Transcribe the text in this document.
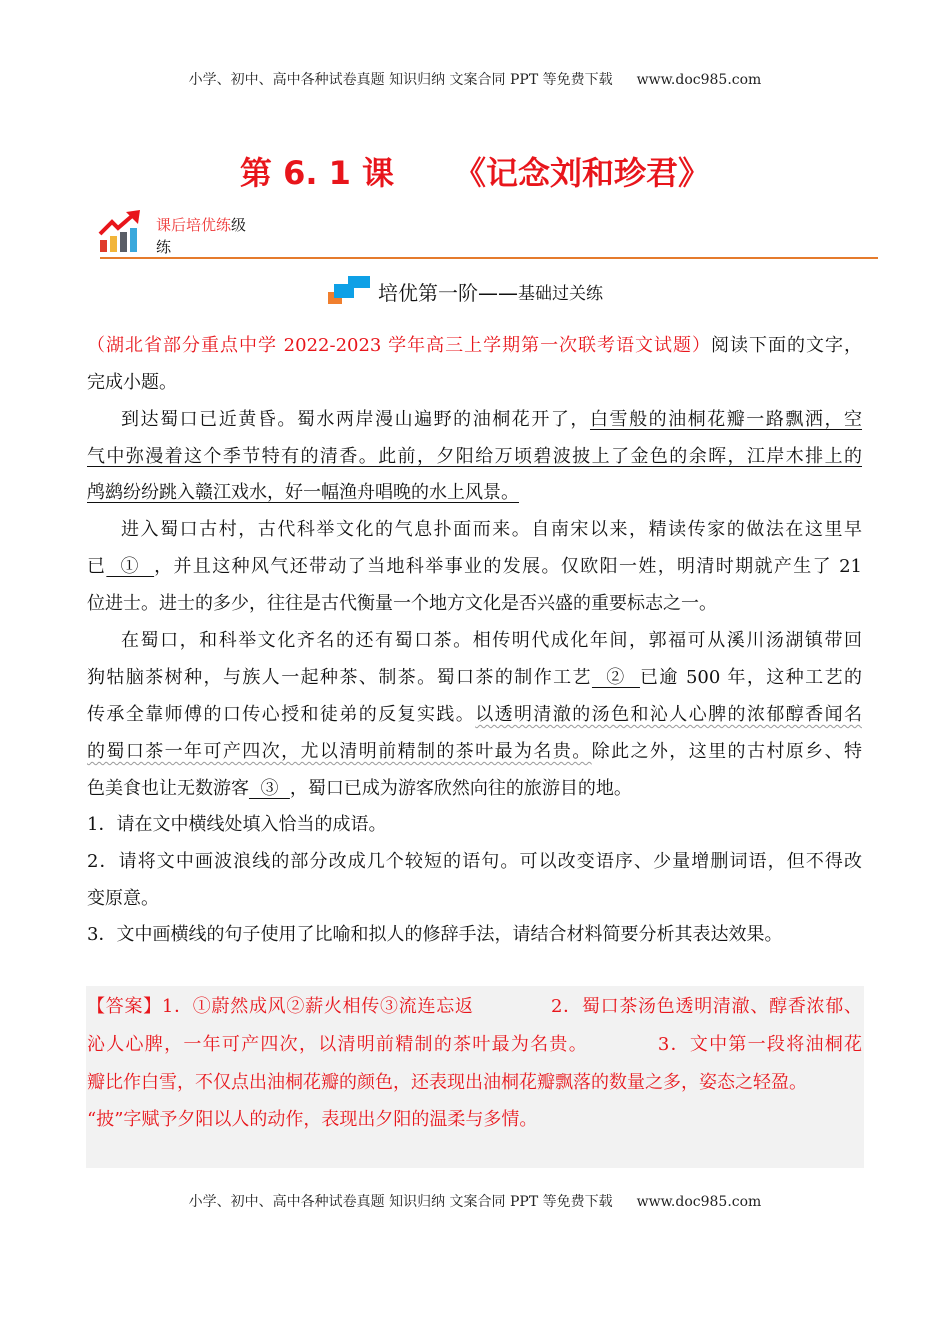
小学、初中、高中各种试卷真题 知识归纳 文案合同 PPT 等免费下载 www.doc985.com
第 6. 1 课 《记念刘和珍君》
课后培优练级
练
培优第一阶—— 基础过关练
（湖北省部分重点中学 2022-2023 学年高三上学期第一次联考语文试题）阅读下面的文字，
完成小题。
到达蜀口已近黄昏。蜀水两岸漫山遍野的油桐花开了，白雪般的油桐花瓣一路飘洒，空
气中弥漫着这个季节特有的清香。此前，夕阳给万顷碧波披上了金色的余晖，江岸木排上的
鸬鹚纷纷跳入赣江戏水，好一幅渔舟唱晚的水上风景。
进入蜀口古村，古代科举文化的气息扑面而来。自南宋以来，精读传家的做法在这里早
已  ①  ，并且这种风气还带动了当地科举事业的发展。仅欧阳一姓，明清时期就产生了 21
位进士。进士的多少，往往是古代衡量一个地方文化是否兴盛的重要标志之一。
在蜀口，和科举文化齐名的还有蜀口茶。相传明代成化年间，郭福可从溪川汤湖镇带回
狗牯脑茶树种，与族人一起种茶、制茶。蜀口茶的制作工艺  ②  已逾 500 年，这种工艺的
传承全靠师傅的口传心授和徒弟的反复实践。以透明清澈的汤色和沁人心脾的浓郁醇香闻名
的蜀口茶一年可产四次，尤以清明前精制的茶叶最为名贵。除此之外，这里的古村原乡、特
色美食也让无数游客  ③  ，蜀口已成为游客欣然向往的旅游目的地。
1．请在文中横线处填入恰当的成语。
2．请将文中画波浪线的部分改成几个较短的语句。可以改变语序、少量增删词语，但不得改
变原意。
3．文中画横线的句子使用了比喻和拟人的修辞手法，请结合材料简要分析其表达效果。
【答案】1．①蔚然成风②薪火相传③流连忘返            2．蜀口茶汤色透明清澈、醇香浓郁、
沁人心脾，一年可产四次，以清明前精制的茶叶最为名贵。          3．文中第一段将油桐花
瓣比作白雪，不仅点出油桐花瓣的颜色，还表现出油桐花瓣飘落的数量之多，姿态之轻盈。
“披”字赋予夕阳以人的动作，表现出夕阳的温柔与多情。
小学、初中、高中各种试卷真题 知识归纳 文案合同 PPT 等免费下载 www.doc985.com
